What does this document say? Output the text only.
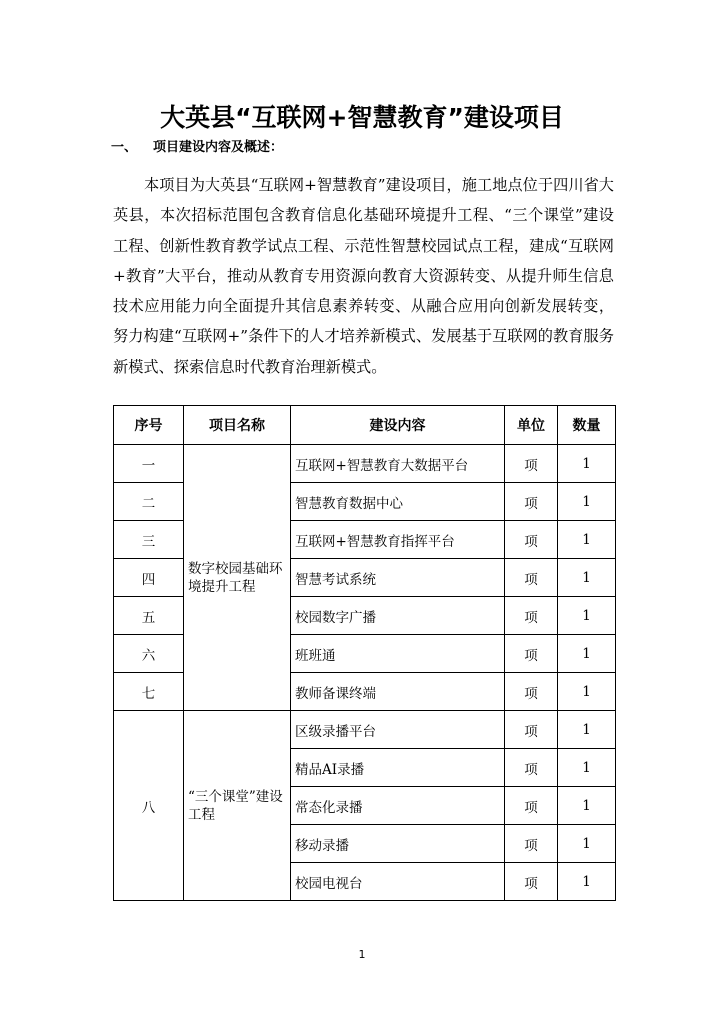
大英县“互联网+智慧教育”建设项目
一、 项目建设内容及概述：

本项目为大英县“互联网+智慧教育”建设项目，施工地点位于四川省大英县，本次招标范围包含教育信息化基础环境提升工程、“三个课堂”建设工程、创新性教育教学试点工程、示范性智慧校园试点工程，建成“互联网+教育”大平台，推动从教育专用资源向教育大资源转变、从提升师生信息技术应用能力向全面提升其信息素养转变、从融合应用向创新发展转变，努力构建“互联网+”条件下的人才培养新模式、发展基于互联网的教育服务新模式、探索信息时代教育治理新模式。

序号	项目名称	建设内容	单位	数量
一	数字校园基础环境提升工程	互联网+智慧教育大数据平台	项	1
二		智慧教育数据中心	项	1
三		互联网+智慧教育指挥平台	项	1
四		智慧考试系统	项	1
五		校园数字广播	项	1
六		班班通	项	1
七		教师备课终端	项	1
八	“三个课堂”建设工程	区级录播平台	项	1
		精品AI录播	项	1
		常态化录播	项	1
		移动录播	项	1
		校园电视台	项	1
1
